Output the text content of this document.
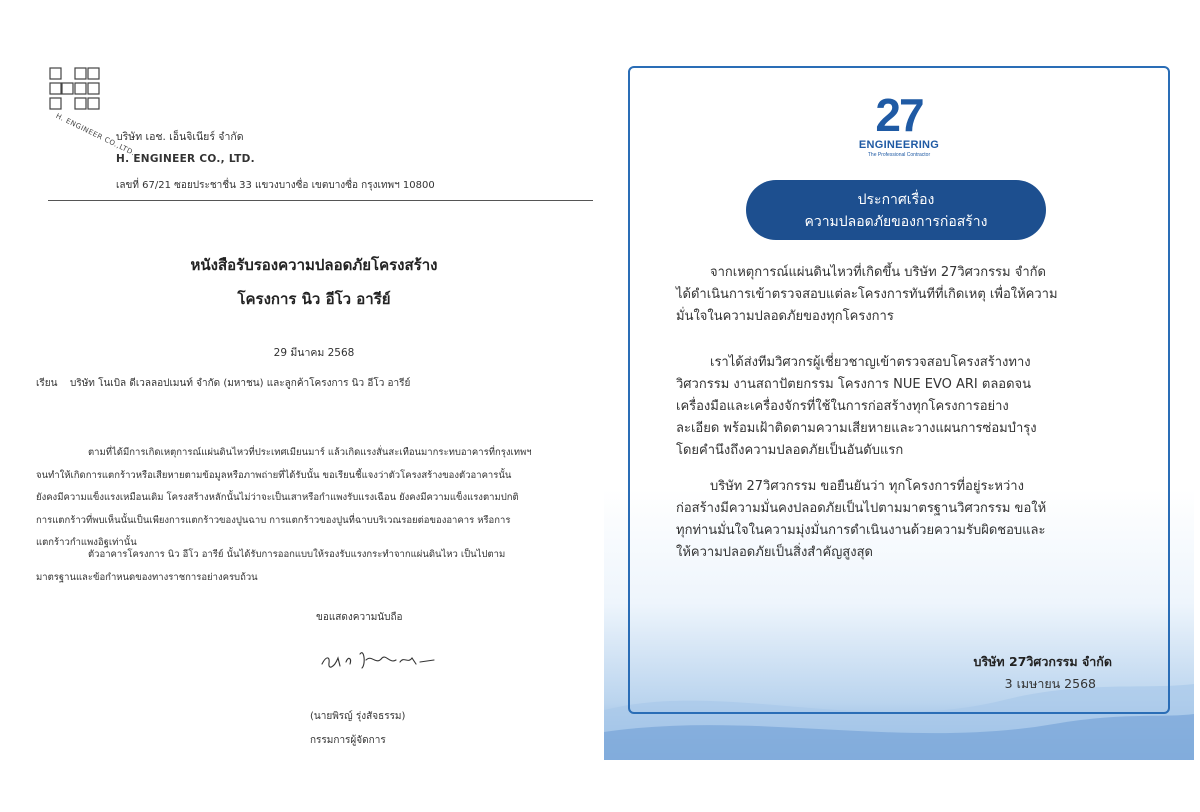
H. ENGINEER CO.,LTD.
บริษัท เอช. เอ็นจิเนียร์ จำกัด
H. ENGINEER CO., LTD.
เลขที่ 67/21 ซอยประชาชื่น 33 แขวงบางซื่อ เขตบางซื่อ กรุงเทพฯ 10800
หนังสือรับรองความปลอดภัยโครงสร้าง
โครงการ นิว อีโว อารีย์
29 มีนาคม 2568
เรียน บริษัท โนเบิล ดีเวลลอปเมนท์ จำกัด (มหาชน) และลูกค้าโครงการ นิว อีโว อารีย์
ตามที่ได้มีการเกิดเหตุการณ์แผ่นดินไหวที่ประเทศเมียนมาร์ แล้วเกิดแรงสั่นสะเทือนมากระทบอาคารที่กรุงเทพฯ
จนทำให้เกิดการแตกร้าวหรือเสียหายตามข้อมูลหรือภาพถ่ายที่ได้รับนั้น ขอเรียนชี้แจงว่าตัวโครงสร้างของตัวอาคารนั้น
ยังคงมีความแข็งแรงเหมือนเดิม โครงสร้างหลักนั้นไม่ว่าจะเป็นเสาหรือกำแพงรับแรงเฉือน ยังคงมีความแข็งแรงตามปกติ
การแตกร้าวที่พบเห็นนั้นเป็นเพียงการแตกร้าวของปูนฉาบ การแตกร้าวของปูนที่ฉาบบริเวณรอยต่อของอาคาร หรือการ
แตกร้าวกำแพงอิฐเท่านั้น
ตัวอาคารโครงการ นิว อีโว อารีย์ นั้นได้รับการออกแบบให้รองรับแรงกระทำจากแผ่นดินไหว เป็นไปตาม
มาตรฐานและข้อกำหนดของทางราชการอย่างครบถ้วน
ขอแสดงความนับถือ
(นายพิรญ์ รุ่งสัจธรรม)
กรรมการผู้จัดการ
27
ENGINEERING
The Professional Contractor
ประกาศเรื่อง
ความปลอดภัยของการก่อสร้าง
จากเหตุการณ์แผ่นดินไหวที่เกิดขึ้น บริษัท 27วิศวกรรม จำกัด
ได้ดำเนินการเข้าตรวจสอบแต่ละโครงการทันทีที่เกิดเหตุ เพื่อให้ความ
มั่นใจในความปลอดภัยของทุกโครงการ
เราได้ส่งทีมวิศวกรผู้เชี่ยวชาญเข้าตรวจสอบโครงสร้างทาง
วิศวกรรม งานสถาปัตยกรรม โครงการ NUE EVO ARI ตลอดจน
เครื่องมือและเครื่องจักรที่ใช้ในการก่อสร้างทุกโครงการอย่าง
ละเอียด พร้อมเฝ้าติดตามความเสียหายและวางแผนการซ่อมบำรุง
โดยคำนึงถึงความปลอดภัยเป็นอันดับแรก
บริษัท 27วิศวกรรม ขอยืนยันว่า ทุกโครงการที่อยู่ระหว่าง
ก่อสร้างมีความมั่นคงปลอดภัยเป็นไปตามมาตรฐานวิศวกรรม ขอให้
ทุกท่านมั่นใจในความมุ่งมั่นการดำเนินงานด้วยความรับผิดชอบและ
ให้ความปลอดภัยเป็นสิ่งสำคัญสูงสุด
บริษัท 27วิศวกรรม จำกัด
3 เมษายน 2568
